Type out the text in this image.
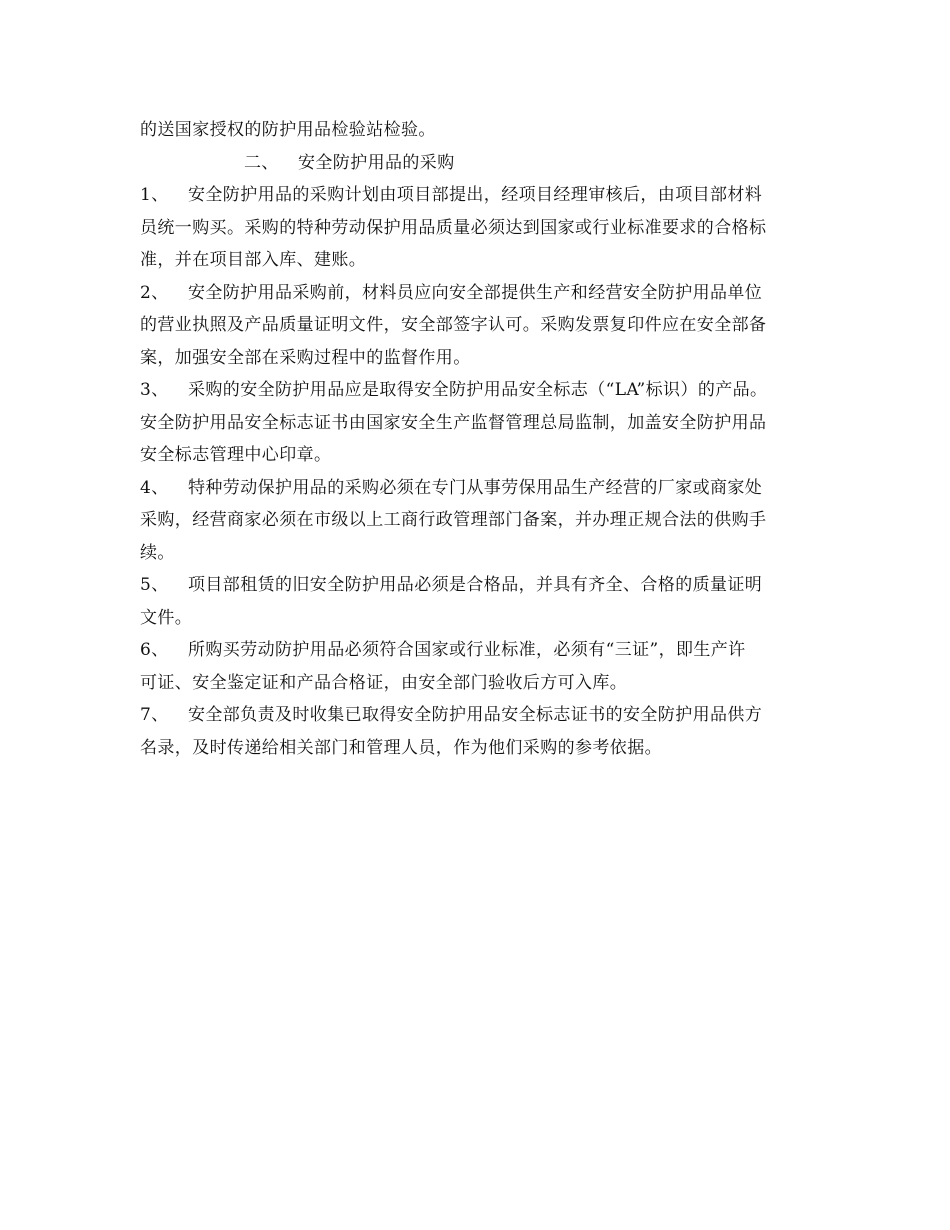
的送国家授权的防护用品检验站检验。
二、 安全防护用品的采购
1、 安全防护用品的采购计划由项目部提出，经项目经理审核后，由项目部材料
员统一购买。采购的特种劳动保护用品质量必须达到国家或行业标准要求的合格标
准，并在项目部入库、建账。
2、 安全防护用品采购前，材料员应向安全部提供生产和经营安全防护用品单位
的营业执照及产品质量证明文件，安全部签字认可。采购发票复印件应在安全部备
案，加强安全部在采购过程中的监督作用。
3、 采购的安全防护用品应是取得安全防护用品安全标志（“LA”标识）的产品。
安全防护用品安全标志证书由国家安全生产监督管理总局监制，加盖安全防护用品
安全标志管理中心印章。
4、 特种劳动保护用品的采购必须在专门从事劳保用品生产经营的厂家或商家处
采购，经营商家必须在市级以上工商行政管理部门备案，并办理正规合法的供购手
续。
5、 项目部租赁的旧安全防护用品必须是合格品，并具有齐全、合格的质量证明
文件。
6、 所购买劳动防护用品必须符合国家或行业标准，必须有“三证”，即生产许
可证、安全鉴定证和产品合格证，由安全部门验收后方可入库。
7、 安全部负责及时收集已取得安全防护用品安全标志证书的安全防护用品供方
名录，及时传递给相关部门和管理人员，作为他们采购的参考依据。
